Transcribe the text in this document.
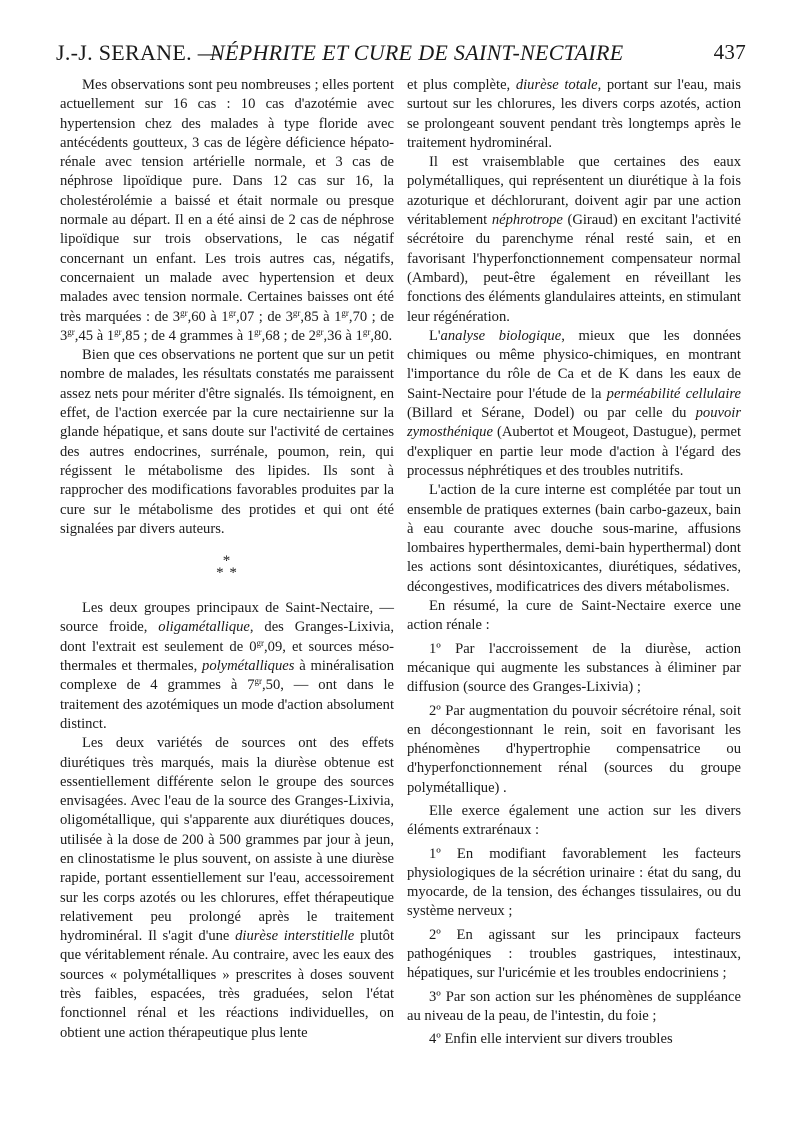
J.-J. SERANE. —
NÉPHRITE ET CURE DE SAINT-NECTAIRE	437

Mes observations sont peu nombreuses ; elles portent actuellement sur 16 cas : 10 cas d'azotémie avec hypertension chez des malades à type floride avec antécédents goutteux, 3 cas de légère déficience hépato-rénale avec tension artérielle normale, et 3 cas de néphrose lipoïdique pure. Dans 12 cas sur 16, la cholestérolémie a baissé et était normale ou presque normale au départ. Il en a été ainsi de 2 cas de néphrose lipoïdique sur trois observations, le cas négatif concernant un enfant. Les trois autres cas, négatifs, concernaient un malade avec hypertension et deux malades avec tension normale. Certaines baisses ont été très marquées : de $3^{gr},60$ à $1^{gr},07$ ; de $3^{gr},85$ à $1^{gr},70$ ; de $3^{gr},45$ à $1^{gr},85$ ; de 4 grammes à $1^{gr},68$ ; de $2^{gr},36$ à $1^{gr},80$.

Bien que ces observations ne portent que sur un petit nombre de malades, les résultats constatés me paraissent assez nets pour mériter d'être signalés. Ils témoignent, en effet, de l'action exercée par la cure nectairienne sur la glande hépatique, et sans doute sur l'activité de certaines des autres endocrines, surrénale, poumon, rein, qui régissent le métabolisme des lipides. Ils sont à rapprocher des modifications favorables produites par la cure sur le métabolisme des protides et qui ont été signalées par divers auteurs.

*
* *

Les deux groupes principaux de Saint-Nectaire, —source froide, oligamétallique, des Granges-Lixivia, dont l'extrait est seulement de $0^{gr},09$, et sources méso-thermales et thermales, polymétalliques à minéralisation complexe de 4 grammes à $7^{gr},50$, — ont dans le traitement des azotémiques un mode d'action absolument distinct.

Les deux variétés de sources ont des effets diurétiques très marqués, mais la diurèse obtenue est essentiellement différente selon le groupe des sources envisagées. Avec l'eau de la source des Granges-Lixivia, oligométallique, qui s'apparente aux diurétiques douces, utilisée à la dose de 200 à 500 grammes par jour à jeun, en clinostatisme le plus souvent, on assiste à une diurèse rapide, portant essentiellement sur l'eau, accessoirement sur les corps azotés ou les chlorures, effet thérapeutique relativement peu prolongé après le traitement hydrominéral. Il s'agit d'une diurèse interstitielle plutôt que véritablement rénale. Au contraire, avec les eaux des sources « polymétalliques » prescrites à doses souvent très faibles, espacées, très graduées, selon l'état fonctionnel rénal et les réactions individuelles, on obtient une action thérapeutique plus lente

et plus complète, diurèse totale, portant sur l'eau, mais surtout sur les chlorures, les divers corps azotés, action se prolongeant souvent pendant très longtemps après le traitement hydrominéral.

Il est vraisemblable que certaines des eaux polymétalliques, qui représentent un diurétique à la fois azoturique et déchlorurant, doivent agir par une action véritablement néphrotrope (Giraud) en excitant l'activité sécrétoire du parenchyme rénal resté sain, et en favorisant l'hyperfonctionnement compensateur normal (Ambard), peut-être également en réveillant les fonctions des éléments glandulaires atteints, en stimulant leur régénération.

L'analyse biologique, mieux que les données chimiques ou même physico-chimiques, en montrant l'importance du rôle de Ca et de K dans les eaux de Saint-Nectaire pour l'étude de la perméabilité cellulaire (Billard et Sérane, Dodel) ou par celle du pouvoir zymosthénique (Aubertot et Mougeot, Dastugue), permet d'expliquer en partie leur mode d'action à l'égard des processus néphrétiques et des troubles nutritifs.

L'action de la cure interne est complétée par tout un ensemble de pratiques externes (bain carbo-gazeux, bain à eau courante avec douche sous-marine, affusions lombaires hyperthermales, demi-bain hyperthermal) dont les actions sont désintoxicantes, diurétiques, sédatives, décongestives, modificatrices des divers métabolismes.

En résumé, la cure de Saint-Nectaire exerce une action rénale :

1º Par l'accroissement de la diurèse, action mécanique qui augmente les substances à éliminer par diffusion (source des Granges-Lixivia) ;

2º Par augmentation du pouvoir sécrétoire rénal, soit en décongestionnant le rein, soit en favorisant les phénomènes d'hypertrophie compensatrice ou d'hyperfonctionnement rénal (sources du groupe polymétallique) .

Elle exerce également une action sur les divers éléments extrarénaux :

1º En modifiant favorablement les facteurs physiologiques de la sécrétion urinaire : état du sang, du myocarde, de la tension, des échanges tissulaires, ou du système nerveux ;

2º En agissant sur les principaux facteurs pathogéniques : troubles gastriques, intestinaux, hépatiques, sur l'uricémie et les troubles endocriniens ;

3º Par son action sur les phénomènes de suppléance au niveau de la peau, de l'intestin, du foie ;

4º Enfin elle intervient sur divers troubles
